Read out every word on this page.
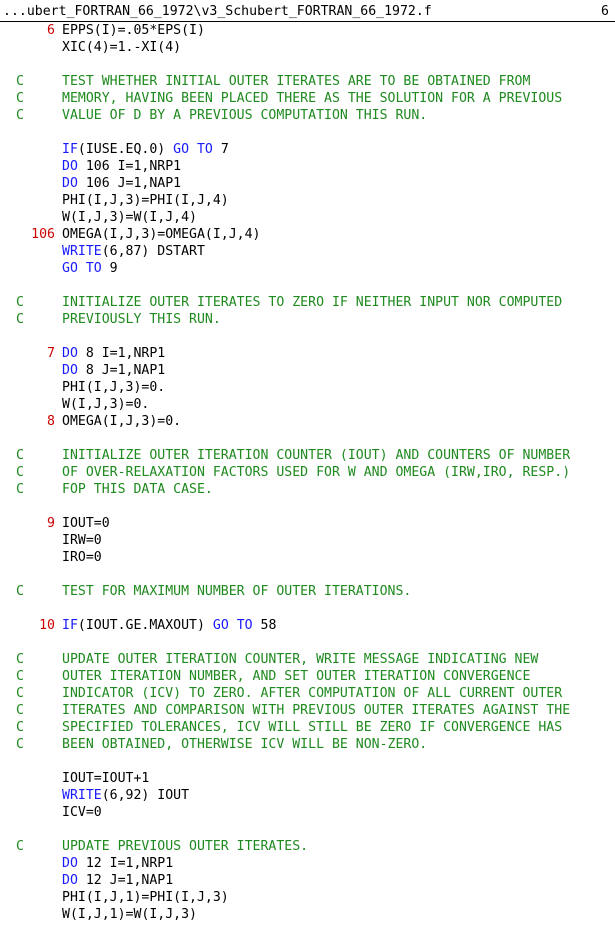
...ubert_FORTRAN_66_1972\v3_Schubert_FORTRAN_66_1972.f	6
6 EPPS(I)=.05*EPS(I)
XIC(4)=1.-XI(4)
C	TEST WHETHER INITIAL OUTER ITERATES ARE TO BE OBTAINED FROM
C	MEMORY, HAVING BEEN PLACED THERE AS THE SOLUTION FOR A PREVIOUS
C	VALUE OF D BY A PREVIOUS COMPUTATION THIS RUN.
IF(IUSE.EQ.0) GO TO 7
DO 106 I=1,NRP1
DO 106 J=1,NAP1
PHI(I,J,3)=PHI(I,J,4)
W(I,J,3)=W(I,J,4)
106 OMEGA(I,J,3)=OMEGA(I,J,4)
WRITE(6,87) DSTART
GO TO 9
C	INITIALIZE OUTER ITERATES TO ZERO IF NEITHER INPUT NOR COMPUTED
C	PREVIOUSLY THIS RUN.
7 DO 8 I=1,NRP1
DO 8 J=1,NAP1
PHI(I,J,3)=0.
W(I,J,3)=0.
8 OMEGA(I,J,3)=0.
C	INITIALIZE OUTER ITERATION COUNTER (IOUT) AND COUNTERS OF NUMBER
C	OF OVER-RELAXATION FACTORS USED FOR W AND OMEGA (IRW,IRO, RESP.)
C	FOP THIS DATA CASE.
9 IOUT=0
IRW=0
IRO=0
C	TEST FOR MAXIMUM NUMBER OF OUTER ITERATIONS.
10 IF(IOUT.GE.MAXOUT) GO TO 58
C	UPDATE OUTER ITERATION COUNTER, WRITE MESSAGE INDICATING NEW
C	OUTER ITERATION NUMBER, AND SET OUTER ITERATION CONVERGENCE
C	INDICATOR (ICV) TO ZERO. AFTER COMPUTATION OF ALL CURRENT OUTER
C	ITERATES AND COMPARISON WITH PREVIOUS OUTER ITERATES AGAINST THE
C	SPECIFIED TOLERANCES, ICV WILL STILL BE ZERO IF CONVERGENCE HAS
C	BEEN OBTAINED, OTHERWISE ICV WILL BE NON-ZERO.
IOUT=IOUT+1
WRITE(6,92) IOUT
ICV=0
C	UPDATE PREVIOUS OUTER ITERATES.
DO 12 I=1,NRP1
DO 12 J=1,NAP1
PHI(I,J,1)=PHI(I,J,3)
W(I,J,1)=W(I,J,3)
